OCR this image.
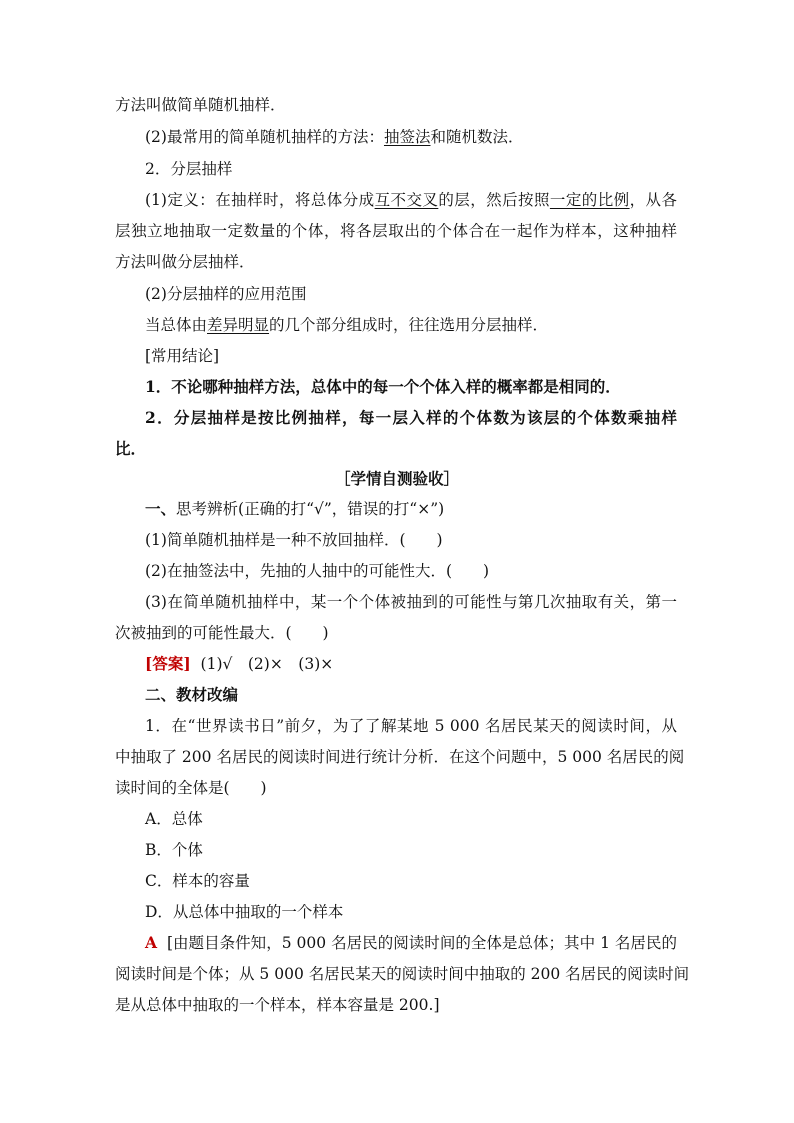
方法叫做简单随机抽样．
(2)最常用的简单随机抽样的方法：抽签法和随机数法．
2．分层抽样
(1)定义：在抽样时，将总体分成互不交叉的层，然后按照一定的比例，从各
层独立地抽取一定数量的个体，将各层取出的个体合在一起作为样本，这种抽样
方法叫做分层抽样．
(2)分层抽样的应用范围
当总体由差异明显的几个部分组成时，往往选用分层抽样．
[常用结论]
1．不论哪种抽样方法，总体中的每一个个体入样的概率都是相同的．
2．分层抽样是按比例抽样，每一层入样的个体数为该层的个体数乘抽样
比．
［学情自测验收］
一、思考辨析(正确的打“√”，错误的打“×”)
(1)简单随机抽样是一种不放回抽样．(　　)
(2)在抽签法中，先抽的人抽中的可能性大．(　　)
(3)在简单随机抽样中，某一个个体被抽到的可能性与第几次抽取有关，第一
次被抽到的可能性最大．(　　)
[答案] (1)√　(2)×　(3)×
二、教材改编
1．在“世界读书日”前夕，为了了解某地 5 000 名居民某天的阅读时间，从
中抽取了 200 名居民的阅读时间进行统计分析．在这个问题中，5 000 名居民的阅
读时间的全体是(　　)
A．总体
B．个体
C．样本的容量
D．从总体中抽取的一个样本
A [由题目条件知，5 000 名居民的阅读时间的全体是总体；其中 1 名居民的
阅读时间是个体；从 5 000 名居民某天的阅读时间中抽取的 200 名居民的阅读时间
是从总体中抽取的一个样本，样本容量是 200.]
